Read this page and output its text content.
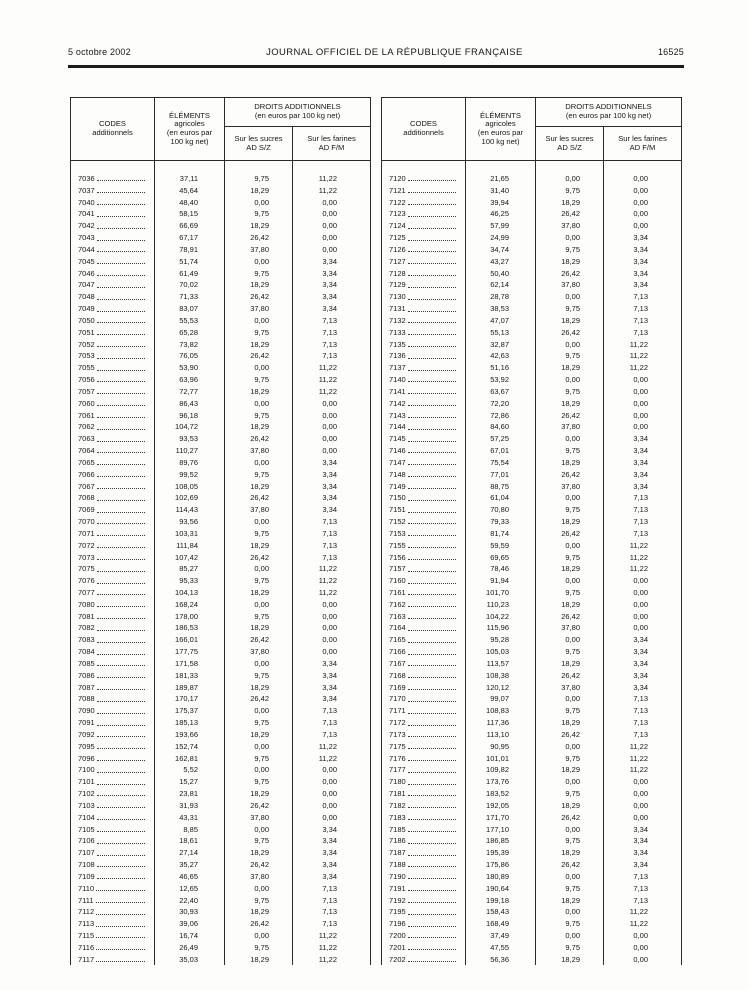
5 octobre 2002	JOURNAL OFFICIEL DE LA RÉPUBLIQUE FRANÇAISE	16525
CODES
additionnels
ÉLÉMENTS
agricoles
(en euros par
100 kg net)
DROITS ADDITIONNELS
(en euros par 100 kg net)
Sur les sucres
AD S/Z
Sur les farines
AD F/M
7036	37,11	9,75	11,22
7037	45,64	18,29	11,22
7040	48,40	0,00	0,00
7041	58,15	9,75	0,00
7042	66,69	18,29	0,00
7043	67,17	26,42	0,00
7044	78,91	37,80	0,00
7045	51,74	0,00	3,34
7046	61,49	9,75	3,34
7047	70,02	18,29	3,34
7048	71,33	26,42	3,34
7049	83,07	37,80	3,34
7050	55,53	0,00	7,13
7051	65,28	9,75	7,13
7052	73,82	18,29	7,13
7053	76,05	26,42	7,13
7055	53,90	0,00	11,22
7056	63,96	9,75	11,22
7057	72,77	18,29	11,22
7060	86,43	0,00	0,00
7061	96,18	9,75	0,00
7062	104,72	18,29	0,00
7063	93,53	26,42	0,00
7064	110,27	37,80	0,00
7065	89,76	0,00	3,34
7066	99,52	9,75	3,34
7067	108,05	18,29	3,34
7068	102,69	26,42	3,34
7069	114,43	37,80	3,34
7070	93,56	0,00	7,13
7071	103,31	9,75	7,13
7072	111,84	18,29	7,13
7073	107,42	26,42	7,13
7075	85,27	0,00	11,22
7076	95,33	9,75	11,22
7077	104,13	18,29	11,22
7080	168,24	0,00	0,00
7081	178,00	9,75	0,00
7082	186,53	18,29	0,00
7083	166,01	26,42	0,00
7084	177,75	37,80	0,00
7085	171,58	0,00	3,34
7086	181,33	9,75	3,34
7087	189,87	18,29	3,34
7088	170,17	26,42	3,34
7090	175,37	0,00	7,13
7091	185,13	9,75	7,13
7092	193,66	18,29	7,13
7095	152,74	0,00	11,22
7096	162,81	9,75	11,22
7100	5,52	0,00	0,00
7101	15,27	9,75	0,00
7102	23,81	18,29	0,00
7103	31,93	26,42	0,00
7104	43,31	37,80	0,00
7105	8,85	0,00	3,34
7106	18,61	9,75	3,34
7107	27,14	18,29	3,34
7108	35,27	26,42	3,34
7109	46,65	37,80	3,34
7110	12,65	0,00	7,13
7111	22,40	9,75	7,13
7112	30,93	18,29	7,13
7113	39,06	26,42	7,13
7115	16,74	0,00	11,22
7116	26,49	9,75	11,22
7117	35,03	18,29	11,22
CODES
additionnels
ÉLÉMENTS
agricoles
(en euros par
100 kg net)
DROITS ADDITIONNELS
(en euros par 100 kg net)
Sur les sucres
AD S/Z
Sur les farines
AD F/M
7120	21,65	0,00	0,00
7121	31,40	9,75	0,00
7122	39,94	18,29	0,00
7123	46,25	26,42	0,00
7124	57,99	37,80	0,00
7125	24,99	0,00	3,34
7126	34,74	9,75	3,34
7127	43,27	18,29	3,34
7128	50,40	26,42	3,34
7129	62,14	37,80	3,34
7130	28,78	0,00	7,13
7131	38,53	9,75	7,13
7132	47,07	18,29	7,13
7133	55,13	26,42	7,13
7135	32,87	0,00	11,22
7136	42,63	9,75	11,22
7137	51,16	18,29	11,22
7140	53,92	0,00	0,00
7141	63,67	9,75	0,00
7142	72,20	18,29	0,00
7143	72,86	26,42	0,00
7144	84,60	37,80	0,00
7145	57,25	0,00	3,34
7146	67,01	9,75	3,34
7147	75,54	18,29	3,34
7148	77,01	26,42	3,34
7149	88,75	37,80	3,34
7150	61,04	0,00	7,13
7151	70,80	9,75	7,13
7152	79,33	18,29	7,13
7153	81,74	26,42	7,13
7155	59,59	0,00	11,22
7156	69,65	9,75	11,22
7157	78,46	18,29	11,22
7160	91,94	0,00	0,00
7161	101,70	9,75	0,00
7162	110,23	18,29	0,00
7163	104,22	26,42	0,00
7164	115,96	37,80	0,00
7165	95,28	0,00	3,34
7166	105,03	9,75	3,34
7167	113,57	18,29	3,34
7168	108,38	26,42	3,34
7169	120,12	37,80	3,34
7170	99,07	0,00	7,13
7171	108,83	9,75	7,13
7172	117,36	18,29	7,13
7173	113,10	26,42	7,13
7175	90,95	0,00	11,22
7176	101,01	9,75	11,22
7177	109,82	18,29	11,22
7180	173,76	0,00	0,00
7181	183,52	9,75	0,00
7182	192,05	18,29	0,00
7183	171,70	26,42	0,00
7185	177,10	0,00	3,34
7186	186,85	9,75	3,34
7187	195,39	18,29	3,34
7188	175,86	26,42	3,34
7190	180,89	0,00	7,13
7191	190,64	9,75	7,13
7192	199,18	18,29	7,13
7195	158,43	0,00	11,22
7196	168,49	9,75	11,22
7200	37,49	0,00	0,00
7201	47,55	9,75	0,00
7202	56,36	18,29	0,00
